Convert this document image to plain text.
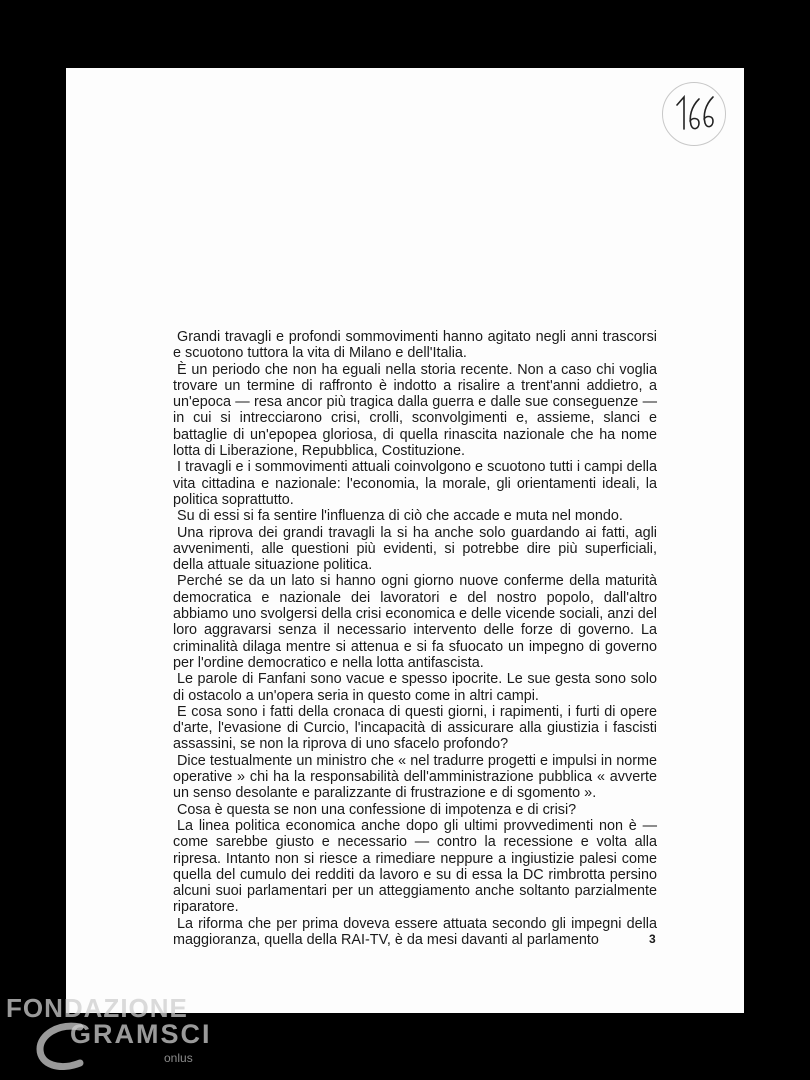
Grandi travagli e profondi sommovimenti hanno agitato negli anni trascorsi e scuotono tuttora la vita di Milano e dell'Italia.

È un periodo che non ha eguali nella storia recente. Non a caso chi voglia trovare un termine di raffronto è indotto a risalire a trent'anni addietro, a un'epoca — resa ancor più tragica dalla guerra e dalle sue conseguenze — in cui si intrecciarono crisi, crolli, sconvolgimenti e, assieme, slanci e battaglie di un'epopea gloriosa, di quella rinascita nazionale che ha nome lotta di Liberazione, Repubblica, Costituzione.

I travagli e i sommovimenti attuali coinvolgono e scuotono tutti i campi della vita cittadina e nazionale: l'economia, la morale, gli orientamenti ideali, la politica soprattutto.

Su di essi si fa sentire l'influenza di ciò che accade e muta nel mondo.

Una riprova dei grandi travagli la si ha anche solo guardando ai fatti, agli avvenimenti, alle questioni più evidenti, si potrebbe dire più superficiali, della attuale situazione politica.

Perché se da un lato si hanno ogni giorno nuove conferme della maturità democratica e nazionale dei lavoratori e del nostro popolo, dall'altro abbiamo uno svolgersi della crisi economica e delle vicende sociali, anzi del loro aggravarsi senza il necessario intervento delle forze di governo. La criminalità dilaga mentre si attenua e si fa sfuocato un impegno di governo per l'ordine democratico e nella lotta antifascista.

Le parole di Fanfani sono vacue e spesso ipocrite. Le sue gesta sono solo di ostacolo a un'opera seria in questo come in altri campi.

E cosa sono i fatti della cronaca di questi giorni, i rapimenti, i furti di opere d'arte, l'evasione di Curcio, l'incapacità di assicurare alla giustizia i fascisti assassini, se non la riprova di uno sfacelo profondo?

Dice testualmente un ministro che « nel tradurre progetti e impulsi in norme operative » chi ha la responsabilità dell'amministrazione pubblica « avverte un senso desolante e paralizzante di frustrazione e di sgomento ».

Cosa è questa se non una confessione di impotenza e di crisi?

La linea politica economica anche dopo gli ultimi provvedimenti non è — come sarebbe giusto e necessario — contro la recessione e volta alla ripresa. Intanto non si riesce a rimediare neppure a ingiustizie palesi come quella del cumulo dei redditi da lavoro e su di essa la DC rimbrotta persino alcuni suoi parlamentari per un atteggiamento anche soltanto parzialmente riparatore.

La riforma che per prima doveva essere attuata secondo gli impegni della maggioranza, quella della RAI-TV, è da mesi davanti al parlamento	3
FONDAZIONE
GRAMSCI
onlus
